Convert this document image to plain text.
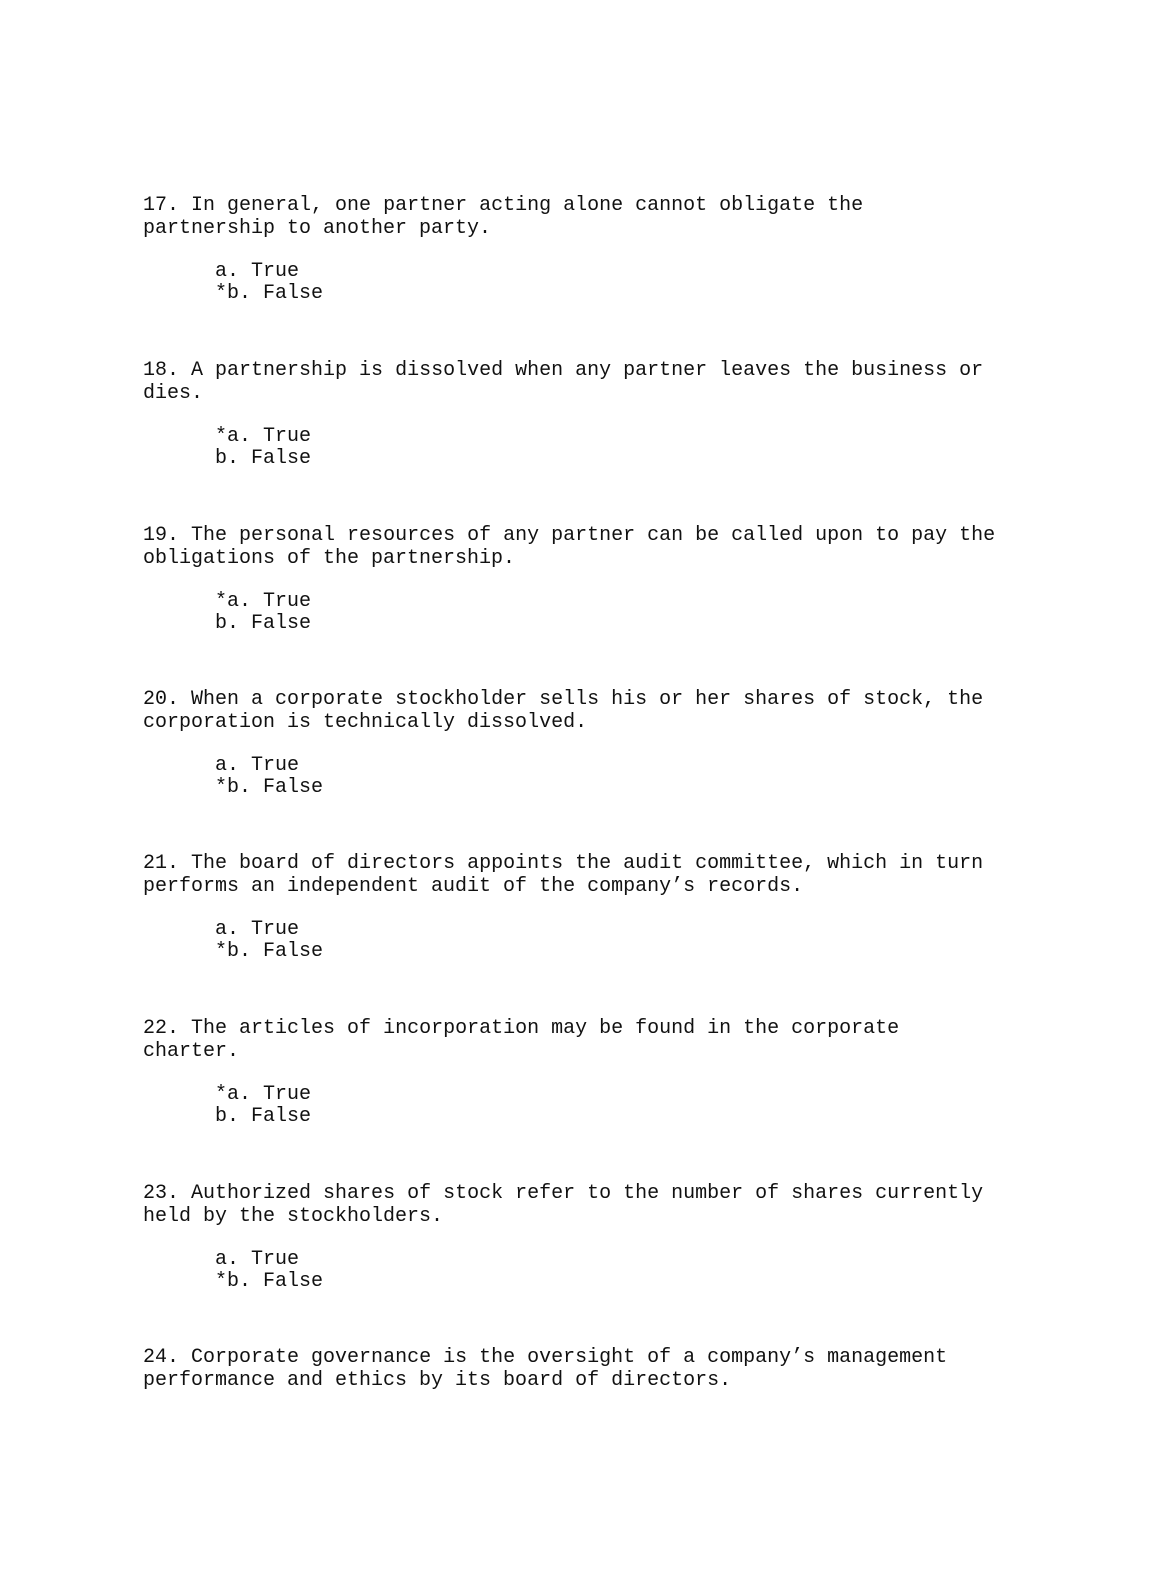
17. In general, one partner acting alone cannot obligate the
partnership to another party.
a. True
*b. False
18. A partnership is dissolved when any partner leaves the business or
dies.
*a. True
b. False
19. The personal resources of any partner can be called upon to pay the
obligations of the partnership.
*a. True
b. False
20. When a corporate stockholder sells his or her shares of stock, the
corporation is technically dissolved.
a. True
*b. False
21. The board of directors appoints the audit committee, which in turn
performs an independent audit of the company’s records.
a. True
*b. False
22. The articles of incorporation may be found in the corporate
charter.
*a. True
b. False
23. Authorized shares of stock refer to the number of shares currently
held by the stockholders.
a. True
*b. False
24. Corporate governance is the oversight of a company’s management
performance and ethics by its board of directors.
